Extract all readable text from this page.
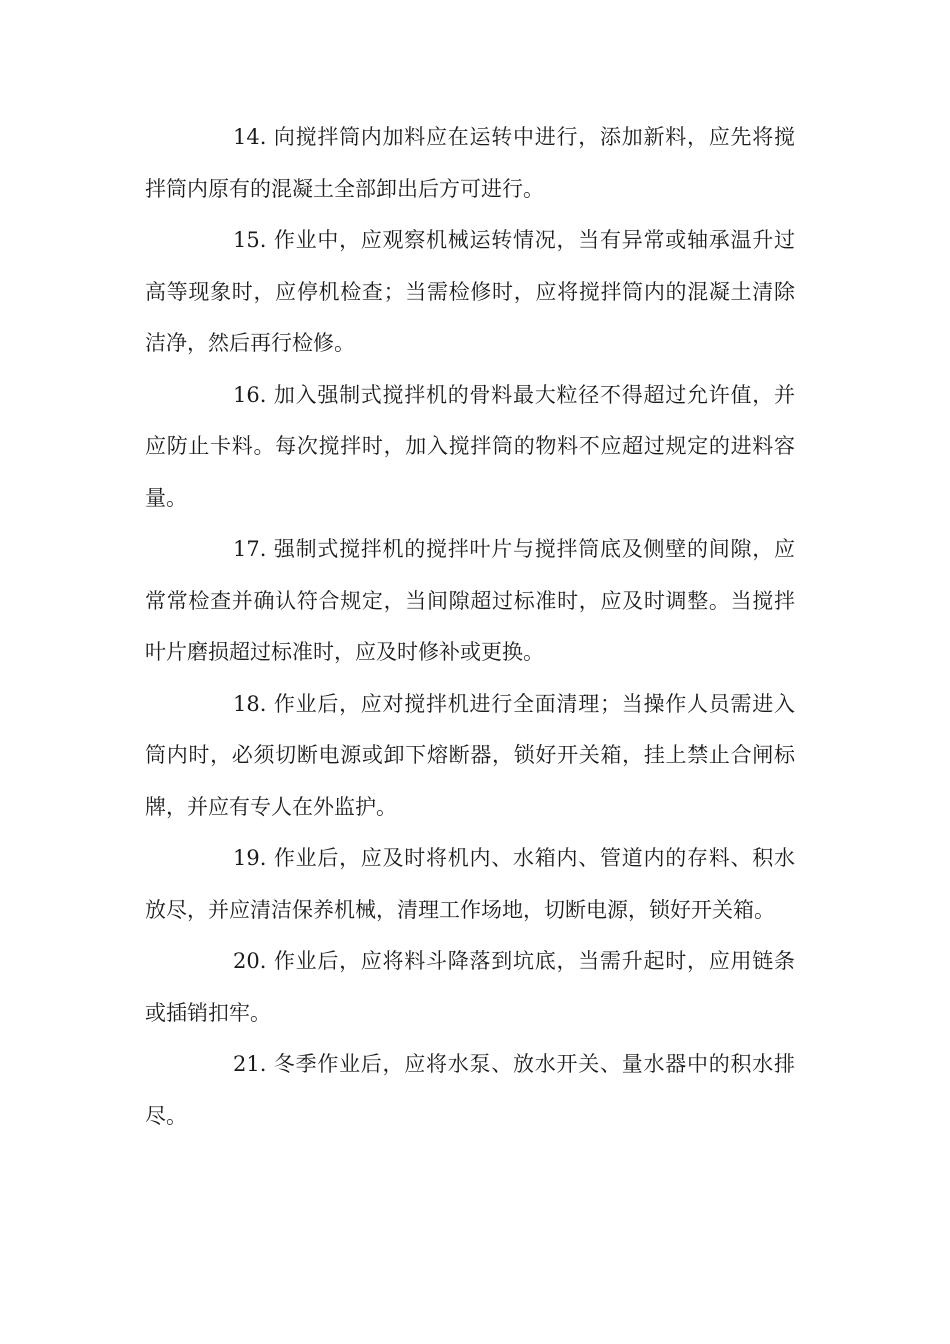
14. 向搅拌筒内加料应在运转中进行，添加新料，应先将搅拌筒内原有的混凝土全部卸出后方可进行。

15. 作业中，应观察机械运转情况，当有异常或轴承温升过高等现象时，应停机检查；当需检修时，应将搅拌筒内的混凝土清除洁净，然后再行检修。

16. 加入强制式搅拌机的骨料最大粒径不得超过允许值，并应防止卡料。每次搅拌时，加入搅拌筒的物料不应超过规定的进料容量。

17. 强制式搅拌机的搅拌叶片与搅拌筒底及侧壁的间隙，应常常检查并确认符合规定，当间隙超过标准时，应及时调整。当搅拌叶片磨损超过标准时，应及时修补或更换。

18. 作业后，应对搅拌机进行全面清理；当操作人员需进入筒内时，必须切断电源或卸下熔断器，锁好开关箱，挂上禁止合闸标牌，并应有专人在外监护。

19. 作业后，应及时将机内、水箱内、管道内的存料、积水放尽，并应清洁保养机械，清理工作场地，切断电源，锁好开关箱。

20. 作业后，应将料斗降落到坑底，当需升起时，应用链条或插销扣牢。

21. 冬季作业后，应将水泵、放水开关、量水器中的积水排尽。
